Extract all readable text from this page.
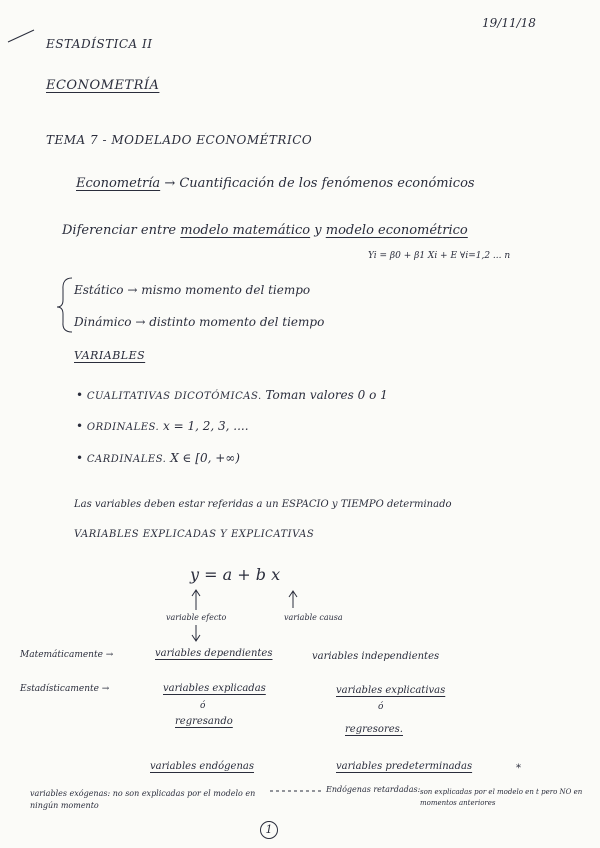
19/11/18
ESTADÍSTICA II
ECONOMETRÍA
TEMA 7 - MODELADO ECONOMÉTRICO
Econometría → Cuantificación de los fenómenos económicos
Diferenciar entre modelo matemático y modelo econométrico
Yi = β0 + β1 Xi + E ∀i=1,2 ... n
Estático → mismo momento del tiempo
Dinámico → distinto momento del tiempo
VARIABLES
• CUALITATIVAS DICOTÓMICAS. Toman valores 0 o 1
• ORDINALES. x = 1, 2, 3, ....
• CARDINALES. X ∈ [0, +∞)
Las variables deben estar referidas a un ESPACIO y TIEMPO determinado
VARIABLES EXPLICADAS Y EXPLICATIVAS
y = a + b x
variable efecto	variable causa
Matemáticamente →	variables dependientes	variables independientes
Estadísticamente →	variables explicadas	variables explicativas
ó	ó
regresando
regresores.
variables endógenas	variables predeterminadas	*
variables exógenas: no son explicadas por el modelo en ningún momento
Endógenas retardadas: son explicadas por el modelo en t pero NO en momentos anteriores
1
